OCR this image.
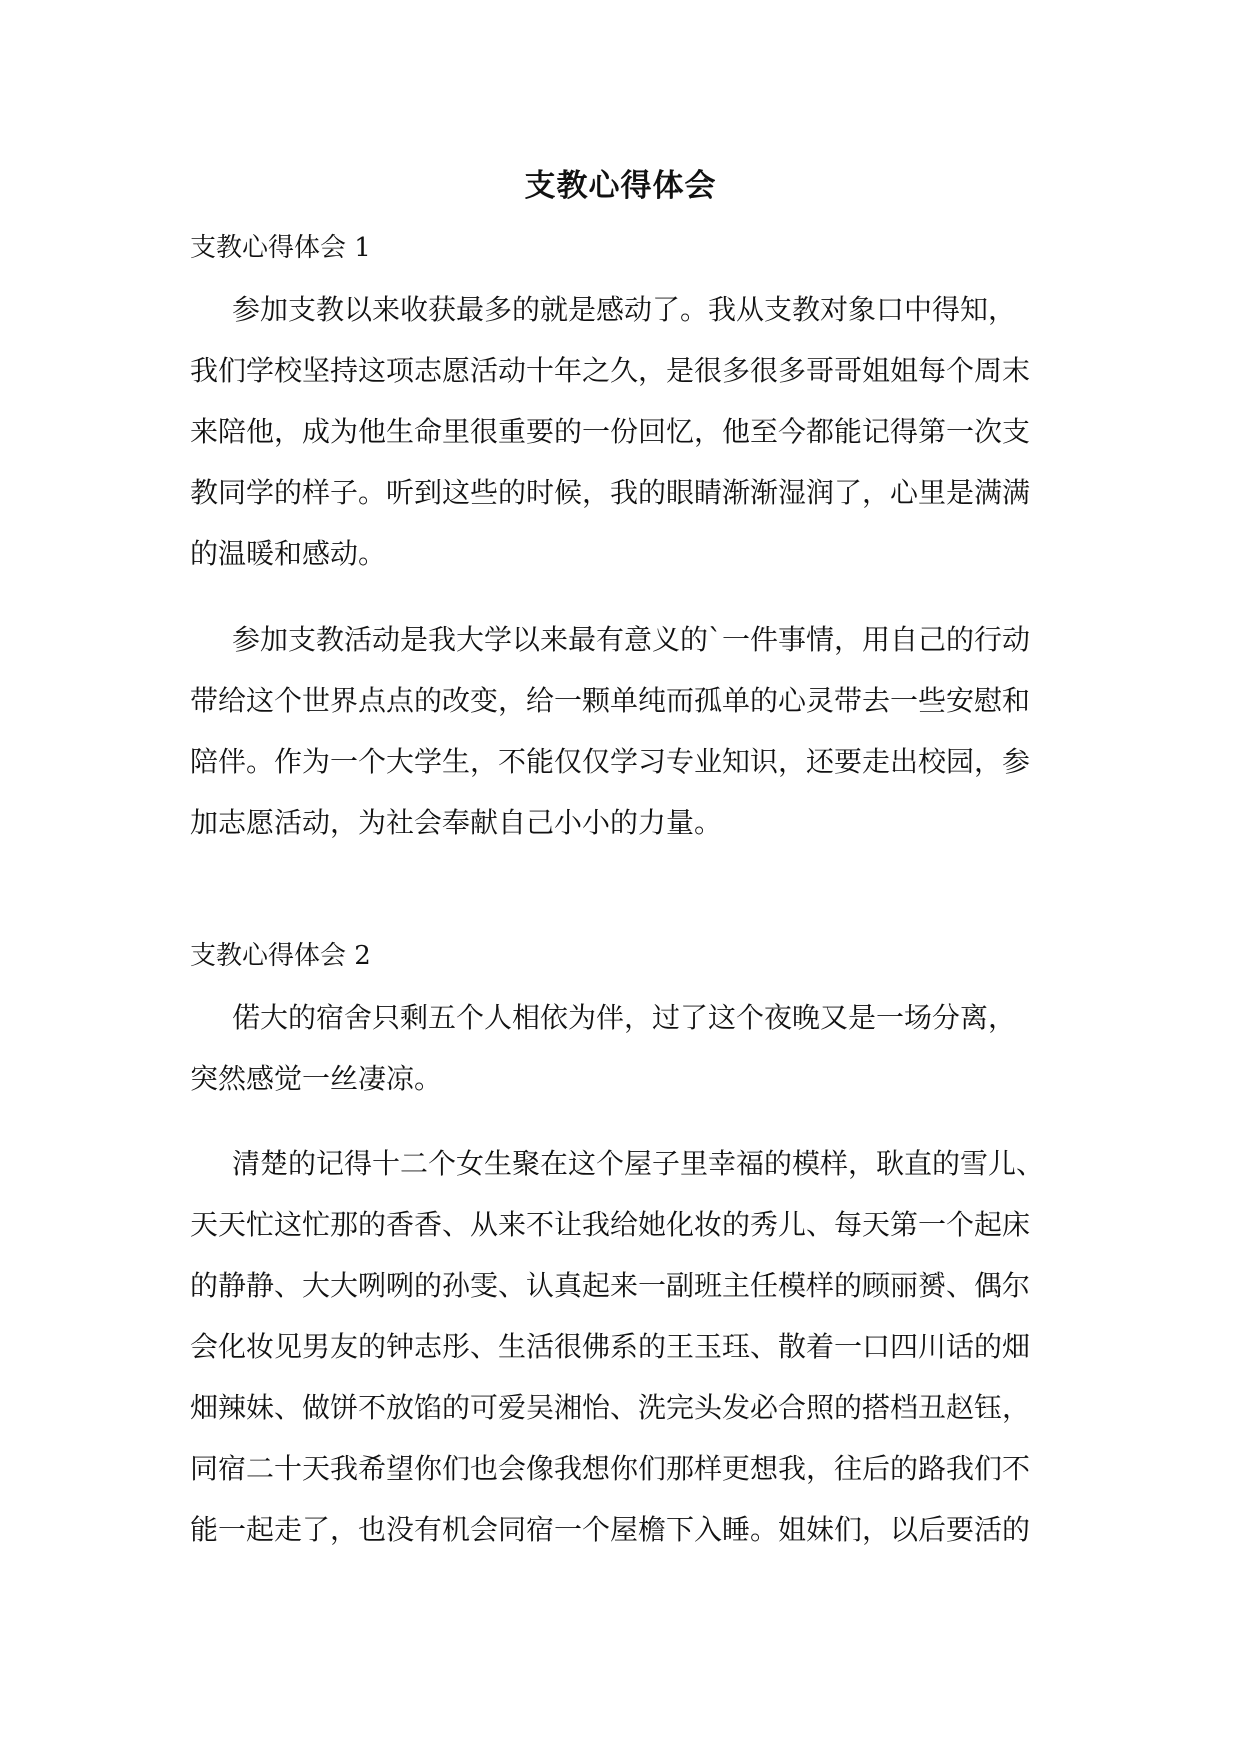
支教心得体会
支教心得体会 1
参加支教以来收获最多的就是感动了。我从支教对象口中得知，
我们学校坚持这项志愿活动十年之久，是很多很多哥哥姐姐每个周末
来陪他，成为他生命里很重要的一份回忆，他至今都能记得第一次支
教同学的样子。听到这些的时候，我的眼睛渐渐湿润了，心里是满满
的温暖和感动。
参加支教活动是我大学以来最有意义的`一件事情，用自己的行动
带给这个世界点点的改变，给一颗单纯而孤单的心灵带去一些安慰和
陪伴。作为一个大学生，不能仅仅学习专业知识，还要走出校园，参
加志愿活动，为社会奉献自己小小的力量。
支教心得体会 2
偌大的宿舍只剩五个人相依为伴，过了这个夜晚又是一场分离，
突然感觉一丝凄凉。
清楚的记得十二个女生聚在这个屋子里幸福的模样，耿直的雪儿、
天天忙这忙那的香香、从来不让我给她化妆的秀儿、每天第一个起床
的静静、大大咧咧的孙雯、认真起来一副班主任模样的顾丽赟、偶尔
会化妆见男友的钟志彤、生活很佛系的王玉珏、散着一口四川话的畑
畑辣妹、做饼不放馅的可爱吴湘怡、洗完头发必合照的搭档丑赵钰，
同宿二十天我希望你们也会像我想你们那样更想我，往后的路我们不
能一起走了，也没有机会同宿一个屋檐下入睡。姐妹们，以后要活的
